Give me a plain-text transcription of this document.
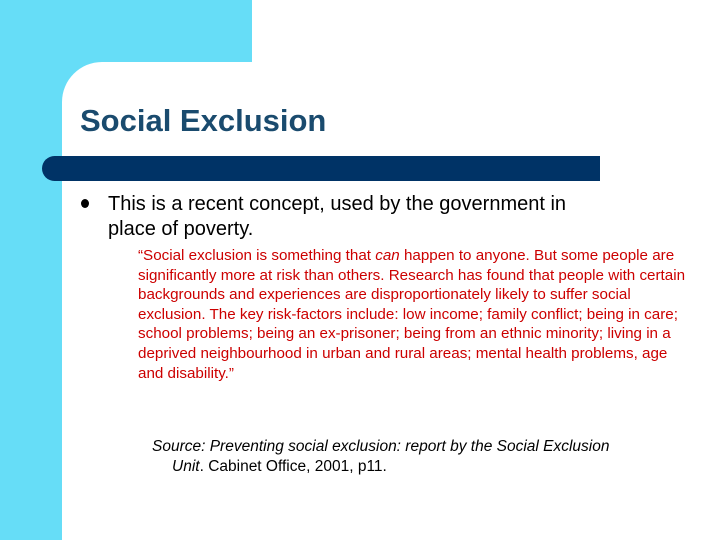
Social Exclusion
This is a recent concept, used by the government in
place of poverty.
“Social exclusion is something that can happen to anyone. But some people are significantly more at risk than others. Research has found that people with certain backgrounds and experiences are disproportionately likely to suffer social exclusion. The key risk-factors include: low income; family conflict; being in care; school problems; being an ex-prisoner; being from an ethnic minority; living in a deprived neighbourhood in urban and rural areas; mental health problems, age and disability.”
Source: Preventing social exclusion: report by the Social Exclusion
Unit. Cabinet Office, 2001, p11.
